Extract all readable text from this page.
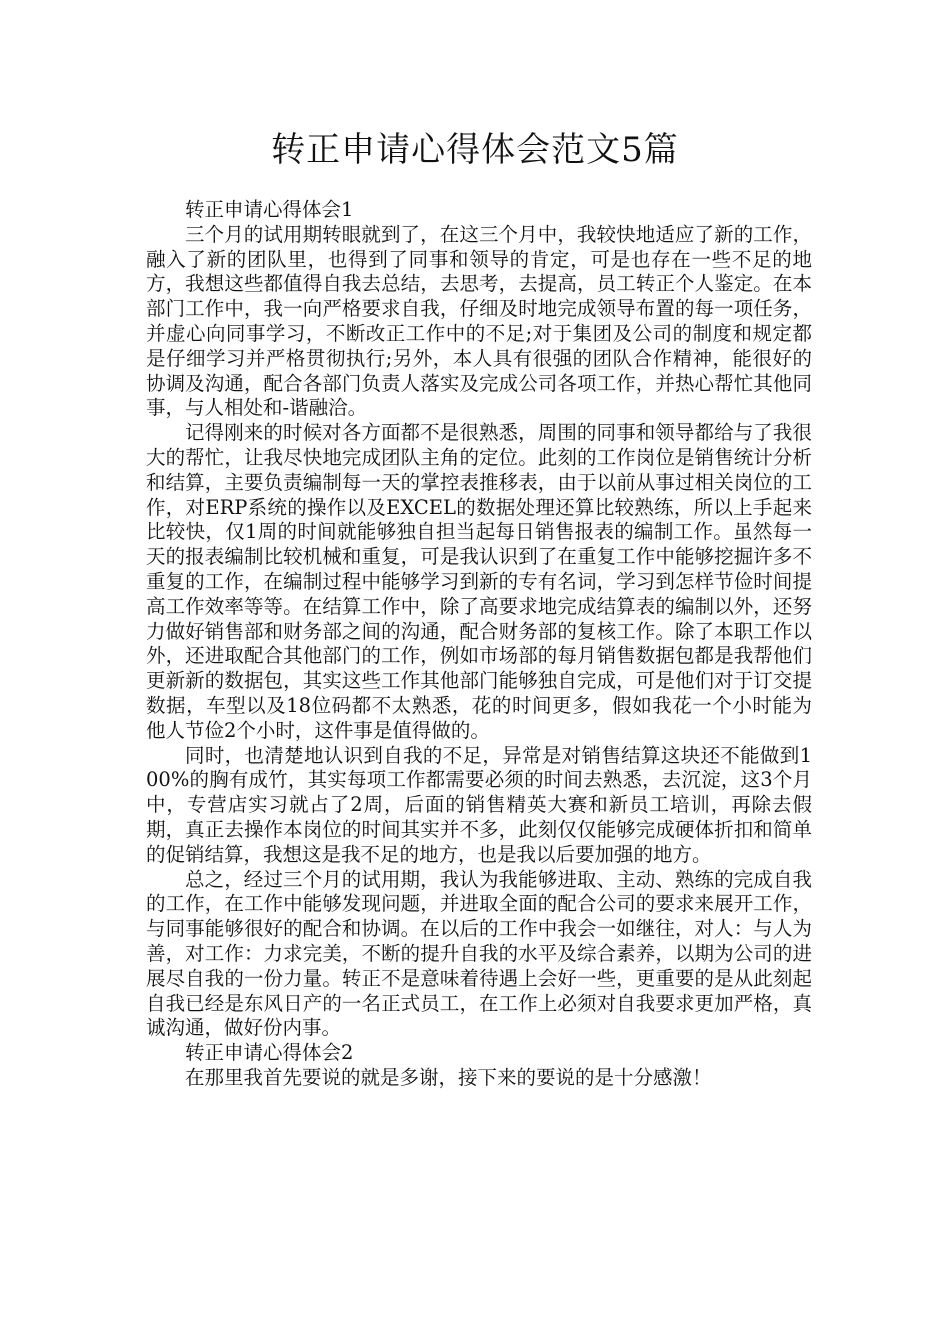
转正申请心得体会范文5篇

转正申请心得体会1

三个月的试用期转眼就到了，在这三个月中，我较快地适应了新的工作，融入了新的团队里，也得到了同事和领导的肯定，可是也存在一些不足的地方，我想这些都值得自我去总结，去思考，去提高，员工转正个人鉴定。在本部门工作中，我一向严格要求自我，仔细及时地完成领导布置的每一项任务，并虚心向同事学习，不断改正工作中的不足;对于集团及公司的制度和规定都是仔细学习并严格贯彻执行;另外，本人具有很强的团队合作精神，能很好的协调及沟通，配合各部门负责人落实及完成公司各项工作，并热心帮忙其他同事，与人相处和-谐融洽。

记得刚来的时候对各方面都不是很熟悉，周围的同事和领导都给与了我很大的帮忙，让我尽快地完成团队主角的定位。此刻的工作岗位是销售统计分析和结算，主要负责编制每一天的掌控表推移表，由于以前从事过相关岗位的工作，对ERP系统的操作以及EXCEL的数据处理还算比较熟练，所以上手起来比较快，仅1周的时间就能够独自担当起每日销售报表的编制工作。虽然每一天的报表编制比较机械和重复，可是我认识到了在重复工作中能够挖掘许多不重复的工作，在编制过程中能够学习到新的专有名词，学习到怎样节俭时间提高工作效率等等。在结算工作中，除了高要求地完成结算表的编制以外，还努力做好销售部和财务部之间的沟通，配合财务部的复核工作。除了本职工作以外，还进取配合其他部门的工作，例如市场部的每月销售数据包都是我帮他们更新新的数据包，其实这些工作其他部门能够独自完成，可是他们对于订交提数据，车型以及18位码都不太熟悉，花的时间更多，假如我花一个小时能为他人节俭2个小时，这件事是值得做的。

同时，也清楚地认识到自我的不足，异常是对销售结算这块还不能做到100%的胸有成竹，其实每项工作都需要必须的时间去熟悉，去沉淀，这3个月中，专营店实习就占了2周，后面的销售精英大赛和新员工培训，再除去假期，真正去操作本岗位的时间其实并不多，此刻仅仅能够完成硬体折扣和简单的促销结算，我想这是我不足的地方，也是我以后要加强的地方。

总之，经过三个月的试用期，我认为我能够进取、主动、熟练的完成自我的工作，在工作中能够发现问题，并进取全面的配合公司的要求来展开工作，与同事能够很好的配合和协调。在以后的工作中我会一如继往，对人：与人为善，对工作：力求完美，不断的提升自我的水平及综合素养，以期为公司的进展尽自我的一份力量。转正不是意味着待遇上会好一些，更重要的是从此刻起自我已经是东风日产的一名正式员工，在工作上必须对自我要求更加严格，真诚沟通，做好份内事。

转正申请心得体会2

在那里我首先要说的就是多谢，接下来的要说的是十分感激！
